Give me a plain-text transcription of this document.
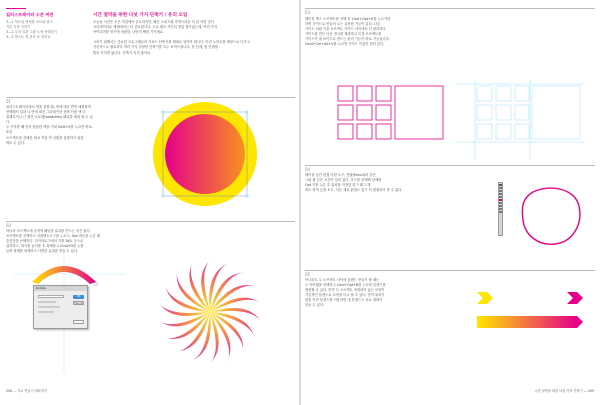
일러스트레이터 오픈 버전
3—1 게츠엄 에셋폴 코도와 링크
기본 사용 익히기
3—2 우의 일관 그림 도형 선택하기
3—3 게스트 명 관리 표 얻어요
시간 절약을 위한 다섯 가지 단축키 / 유의 오일
오늘날 시간은 모든 직업에서 중요하지만, 빠른 스피드와 자연스러운 더 잘 익한 것이
크리에이터로 세계에서는 더 중요합니다. 오토 메츠 기인터 영업 결이었는데, 여러 가지
아이디어를 담기에 적합한, 나만의 빠를 가지세요.

그러기 위해서는 중요한 프로그램들의 키보드 단축키를 제대로 알아야 합니다. 이런 노하우를 바탕으로 다루고
기본적으로 필요하다 여러 가지 다양한 단축키를 모두 보여드립니다. 한 단계, 몇 단계를
빨리 익히면 됩니다. 단축키 익히 좋아요.
01
일러스트레이터에서 색을 칠할 때, 면에 대신 면만 매핑하여
선택해서 입하 나 면에 대신 그라데이션 선택 선을 색 다
칠해지거나 근 회전 오토맵(swatches) 패널을 제외 할 수 있다.
두 가지를 빼 면서 편집한 색을 거쳐 Shift+X를 누르면 바로. 또한
오브젝트를 선택한 채 X 직접 적 상황을 설명하기 위한
바로 수 있다.
02
하나의 오브젝트에 규칙적 패턴을 효과를 만드는 것은 쉽다.
오브젝트를 선택하고 리플렉트도구를 누르고, Opt 버튼을 누른 채
중심점을 선택한다. 다이어로그에서 각을 36도 등으로
입력하고, 복사를 눌러준 후 복제하고 Cmd+D를 누를
늘려 형태를 복제하고 다양한 효과를 만들 수 있다.
Rotate
OK
Cancel
008 — 자로 만들기 대표하기
03
테이블 박스 오브젝트를 선택 후 Cmd+Opt+G를 누르기만
하면 가이드로 만들어 두는 유용한 기능이 있다. 다른
가이드 처럼 기본 오브젝트 가이드 사이에서 더 편리하다
가이드를 만든 다음 경고를 제외하고 특정 오브젝트를
가이드가 잘 보이도록 만드는 편리 기능이 바로 기능입니다.
Cmd+Ctrl+Alt+V를 누르면 가이드 이름이 편한 된다.
04
테이블 공간 편집 지원 도구, 연필(Pencil)과 같은
그림 필 같은 시간이 걸려 있다. 모드를 선택해 상세를
Opt 키를 누른 후 위치를 지정한 뒤 드래그 해
파트 영역 등을 모두. 다른 새로 편집도 있기 더 편집되어 만 수 있다.
05
아니라도 두 오브젝트 사이에 블렌드 만들기 할 때는
두 아이템을 선택하고 Cmd+Opt+B를 누르면 블렌드를
생성할 수 있다. 만약 두 오브젝트 정렬되어 있는 모양이
기본적인 블렌드로 모양을 다시 할 수 있다. 만약 위치가
편집 이전 블렌드를 이용하면 내 블렌드는 서로 형태가
만들 수 있다.
시간 절약을 위한 다섯 가지 단축키 — 009
